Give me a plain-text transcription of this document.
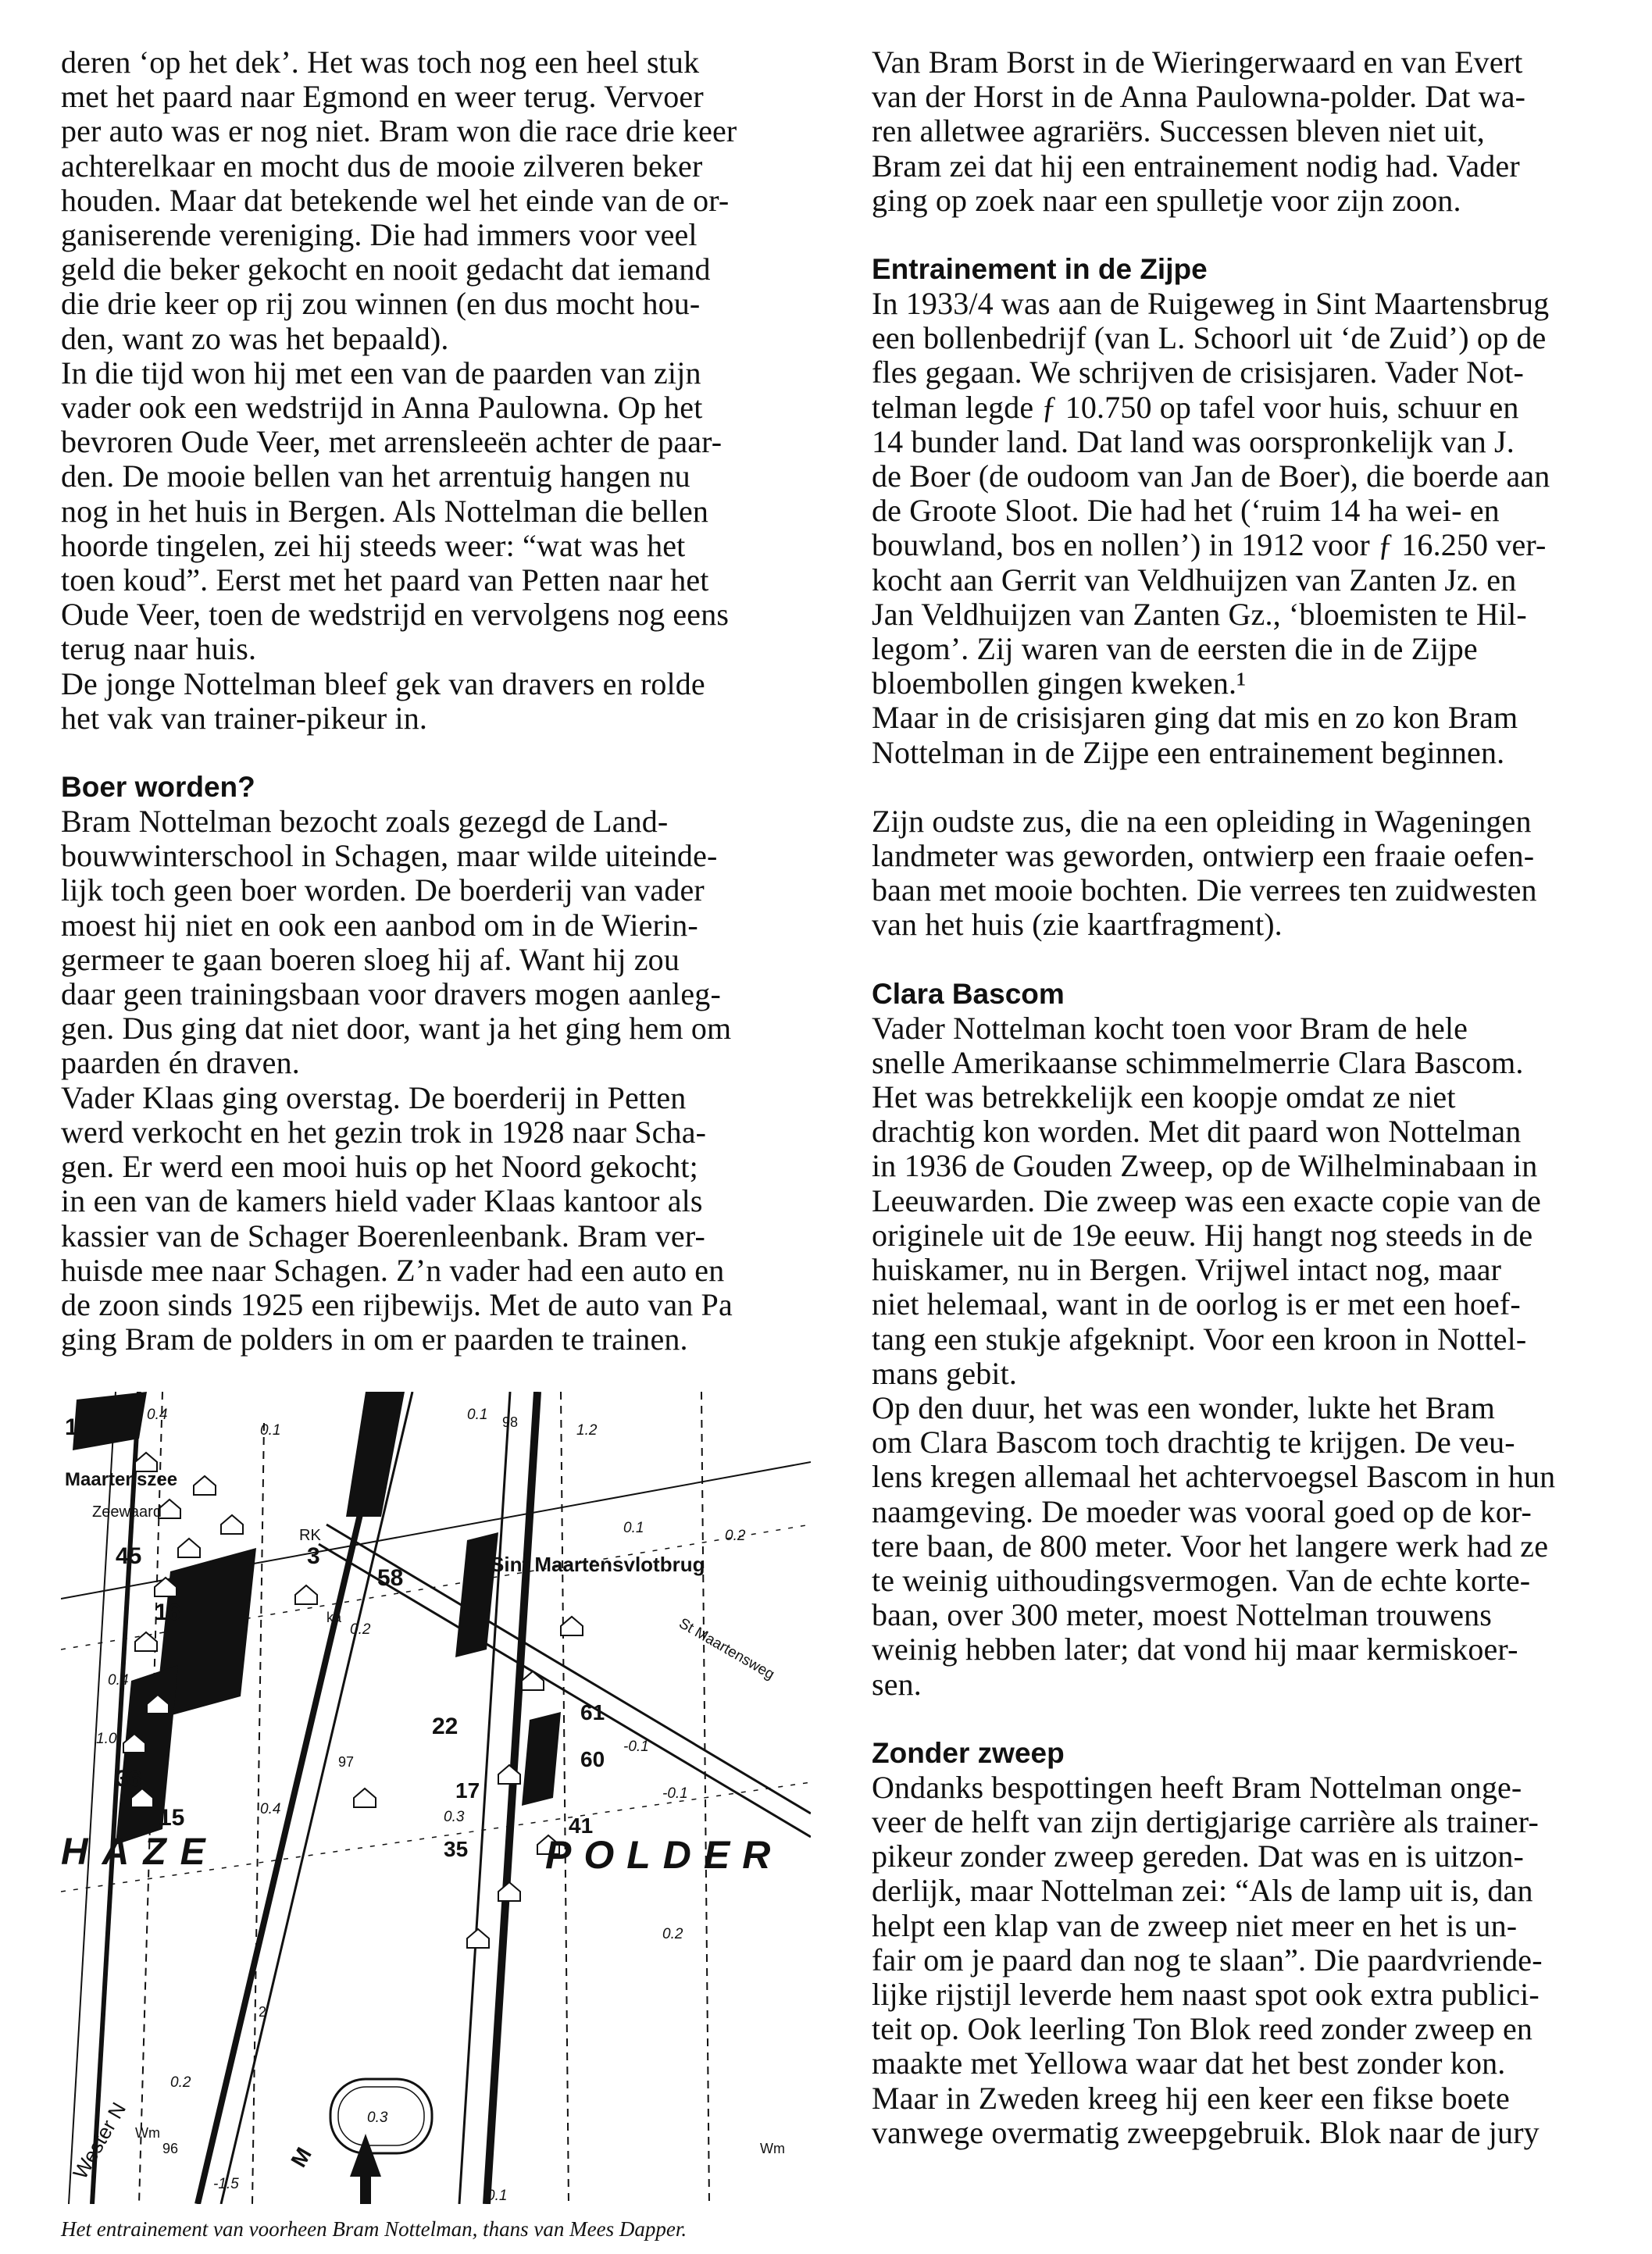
deren ‘op het dek’. Het was toch nog een heel stuk
met het paard naar Egmond en weer terug. Vervoer
per auto was er nog niet. Bram won die race drie keer
achterelkaar en mocht dus de mooie zilveren beker
houden. Maar dat betekende wel het einde van de or-
ganiserende vereniging. Die had immers voor veel
geld die beker gekocht en nooit gedacht dat iemand
die drie keer op rij zou winnen (en dus mocht hou-
den, want zo was het bepaald).
In die tijd won hij met een van de paarden van zijn
vader ook een wedstrijd in Anna Paulowna. Op het
bevroren Oude Veer, met arrensleeën achter de paar-
den. De mooie bellen van het arrentuig hangen nu
nog in het huis in Bergen. Als Nottelman die bellen
hoorde tingelen, zei hij steeds weer: “wat was het
toen koud”. Eerst met het paard van Petten naar het
Oude Veer, toen de wedstrijd en vervolgens nog eens
terug naar huis.
De jonge Nottelman bleef gek van dravers en rolde
het vak van trainer-pikeur in.

Boer worden?

Bram Nottelman bezocht zoals gezegd de Land-
bouwwinterschool in Schagen, maar wilde uiteinde-
lijk toch geen boer worden. De boerderij van vader
moest hij niet en ook een aanbod om in de Wierin-
germeer te gaan boeren sloeg hij af. Want hij zou
daar geen trainingsbaan voor dravers mogen aanleg-
gen. Dus ging dat niet door, want ja het ging hem om
paarden én draven.
Vader Klaas ging overstag. De boerderij in Petten
werd verkocht en het gezin trok in 1928 naar Scha-
gen. Er werd een mooi huis op het Noord gekocht;
in een van de kamers hield vader Klaas kantoor als
kassier van de Schager Boerenleenbank. Bram ver-
huisde mee naar Schagen. Z’n vader had een auto en
de zoon sinds 1925 een rijbewijs. Met de auto van Pa
ging Bram de polders in om er paarden te trainen.

Van Bram Borst in de Wieringerwaard en van Evert
van der Horst in de Anna Paulowna-polder. Dat wa-
ren alletwee agrariërs. Successen bleven niet uit,
Bram zei dat hij een entrainement nodig had. Vader
ging op zoek naar een spulletje voor zijn zoon.

Entrainement in de Zijpe

In 1933/4 was aan de Ruigeweg in Sint Maartensbrug
een bollenbedrijf (van L. Schoorl uit ‘de Zuid’) op de
fles gegaan. We schrijven de crisisjaren. Vader Not-
telman legde ƒ 10.750 op tafel voor huis, schuur en
14 bunder land. Dat land was oorspronkelijk van J.
de Boer (de oudoom van Jan de Boer), die boerde aan
de Groote Sloot. Die had het (‘ruim 14 ha wei- en
bouwland, bos en nollen’) in 1912 voor ƒ 16.250 ver-
kocht aan Gerrit van Veldhuijzen van Zanten Jz. en
Jan Veldhuijzen van Zanten Gz., ‘bloemisten te Hil-
legom’. Zij waren van de eersten die in de Zijpe
bloembollen gingen kweken.¹
Maar in de crisisjaren ging dat mis en zo kon Bram
Nottelman in de Zijpe een entrainement beginnen.

Zijn oudste zus, die na een opleiding in Wageningen
landmeter was geworden, ontwierp een fraaie oefen-
baan met mooie bochten. Die verrees ten zuidwesten
van het huis (zie kaartfragment).

Clara Bascom

Vader Nottelman kocht toen voor Bram de hele
snelle Amerikaanse schimmelmerrie Clara Bascom.
Het was betrekkelijk een koopje omdat ze niet
drachtig kon worden. Met dit paard won Nottelman
in 1936 de Gouden Zweep, op de Wilhelminabaan in
Leeuwarden. Die zweep was een exacte copie van de
originele uit de 19e eeuw. Hij hangt nog steeds in de
huiskamer, nu in Bergen. Vrijwel intact nog, maar
niet helemaal, want in de oorlog is er met een hoef-
tang een stukje afgeknipt. Voor een kroon in Nottel-
mans gebit.
Op den duur, het was een wonder, lukte het Bram
om Clara Bascom toch drachtig te krijgen. De veu-
lens kregen allemaal het achtervoegsel Bascom in hun
naamgeving. De moeder was vooral goed op de kor-
tere baan, de 800 meter. Voor het langere werk had ze
te weinig uithoudingsvermogen. Van de echte korte-
baan, over 300 meter, moest Nottelman trouwens
weinig hebben later; dat vond hij maar kermiskoer-
sen.

Zonder zweep

Ondanks bespottingen heeft Bram Nottelman onge-
veer de helft van zijn dertigjarige carrière als trainer-
pikeur zonder zweep gereden. Dat was en is uitzon-
derlijk, maar Nottelman zei: “Als de lamp uit is, dan
helpt een klap van de zweep niet meer en het is un-
fair om je paard dan nog te slaan”. Die paardvriende-
lijke rijstijl leverde hem naast spot ook extra publici-
teit op. Ook leerling Ton Blok reed zonder zweep en
maakte met Yellowa waar dat het best zonder kon.
Maar in Zweden kreeg hij een keer een fikse boete
vanwege overmatig zweepgebruik. Blok naar de jury

Maartenszee
Zeewaard
Sint Maartensvlotbrug
St Maartensweg
HAZE	POLDER
Wester N
RK
Wm
Wm
ka
1
45	3
58
16
36
15
22
17
35
41
60
61
2
98
96
97
M
0.1
0.4
0.1	1.2
0.1	0.2
0.2
0.4
1.0	-0.1
0.3
0.4
-0.1
0.2
0.2
0.3
-1.5
0.1
Het entrainement van voorheen Bram Nottelman, thans van Mees Dapper.
